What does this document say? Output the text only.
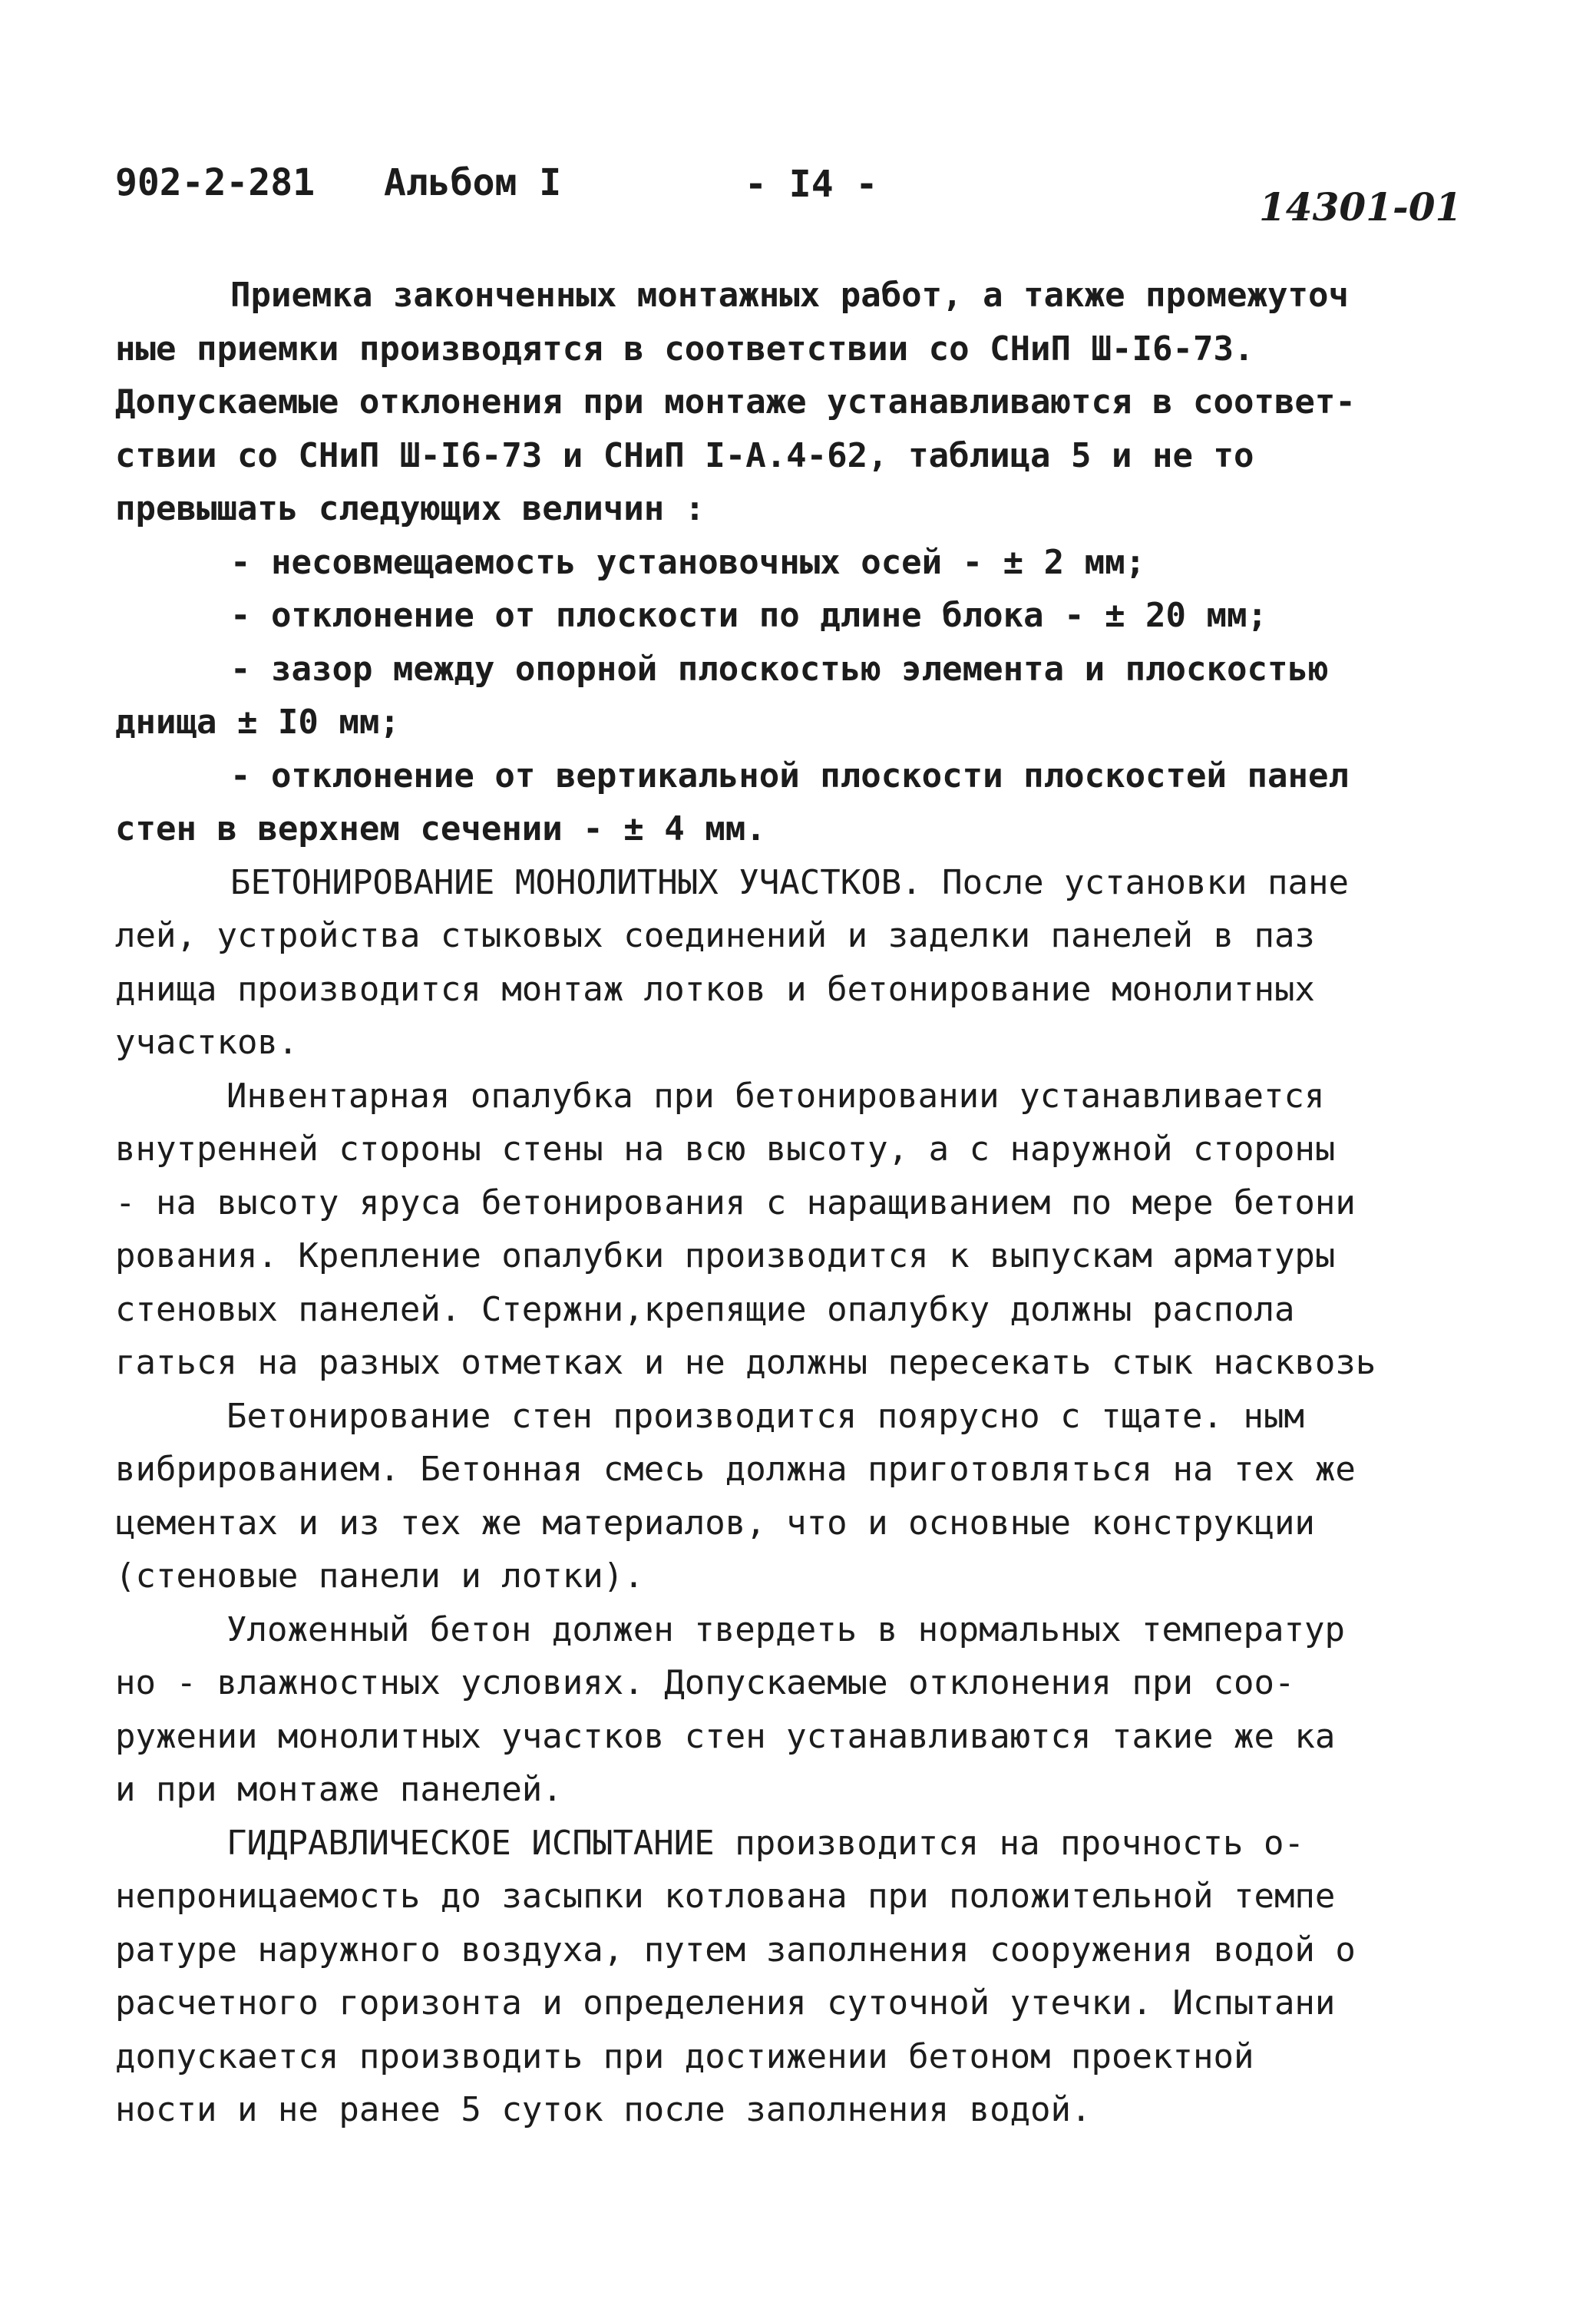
902-2-281 Альбом I	- I4 -	14301-01
Приемка законченных монтажных работ, а также промежуточ
ные приемки производятся в соответствии со СНиП Ш-I6-73.
Допускаемые отклонения при монтаже устанавливаются в соответ-
ствии со СНиП Ш-I6-73 и СНиП I-А.4-62, таблица 5 и не то
превышать следующих величин :
- несовмещаемость установочных осей - ± 2 мм;
- отклонение от плоскости по длине блока - ± 20 мм;
- зазор между опорной плоскостью элемента и плоскостью
днища ± I0 мм;
- отклонение от вертикальной плоскости плоскостей панел
стен в верхнем сечении - ± 4 мм.
БЕТОНИРОВАНИЕ МОНОЛИТНЫХ УЧАСТКОВ. После установки пане
лей, устройства стыковых соединений и заделки панелей в паз
днища производится монтаж лотков и бетонирование монолитных
участков.
Инвентарная опалубка при бетонировании устанавливается
внутренней стороны стены на всю высоту, а с наружной стороны
- на высоту яруса бетонирования с наращиванием по мере бетони
рования. Крепление опалубки производится к выпускам арматуры
стеновых панелей. Стержни,крепящие опалубку должны распола
гаться на разных отметках и не должны пересекать стык насквозь
Бетонирование стен производится поярусно с тщате. ным
вибрированием. Бетонная смесь должна приготовляться на тех же
цементах и из тех же материалов, что и основные конструкции
(стеновые панели и лотки).
Уложенный бетон должен твердеть в нормальных температур
но - влажностных условиях. Допускаемые отклонения при соо-
ружении монолитных участков стен устанавливаются такие же ка
и при монтаже панелей.
ГИДРАВЛИЧЕСКОЕ ИСПЫТАНИЕ производится на прочность о-
непроницаемость до засыпки котлована при положительной темпе
ратуре наружного воздуха, путем заполнения сооружения водой о
расчетного горизонта и определения суточной утечки. Испытани
допускается производить при достижении бетоном проектной
ности и не ранее 5 суток после заполнения водой.
